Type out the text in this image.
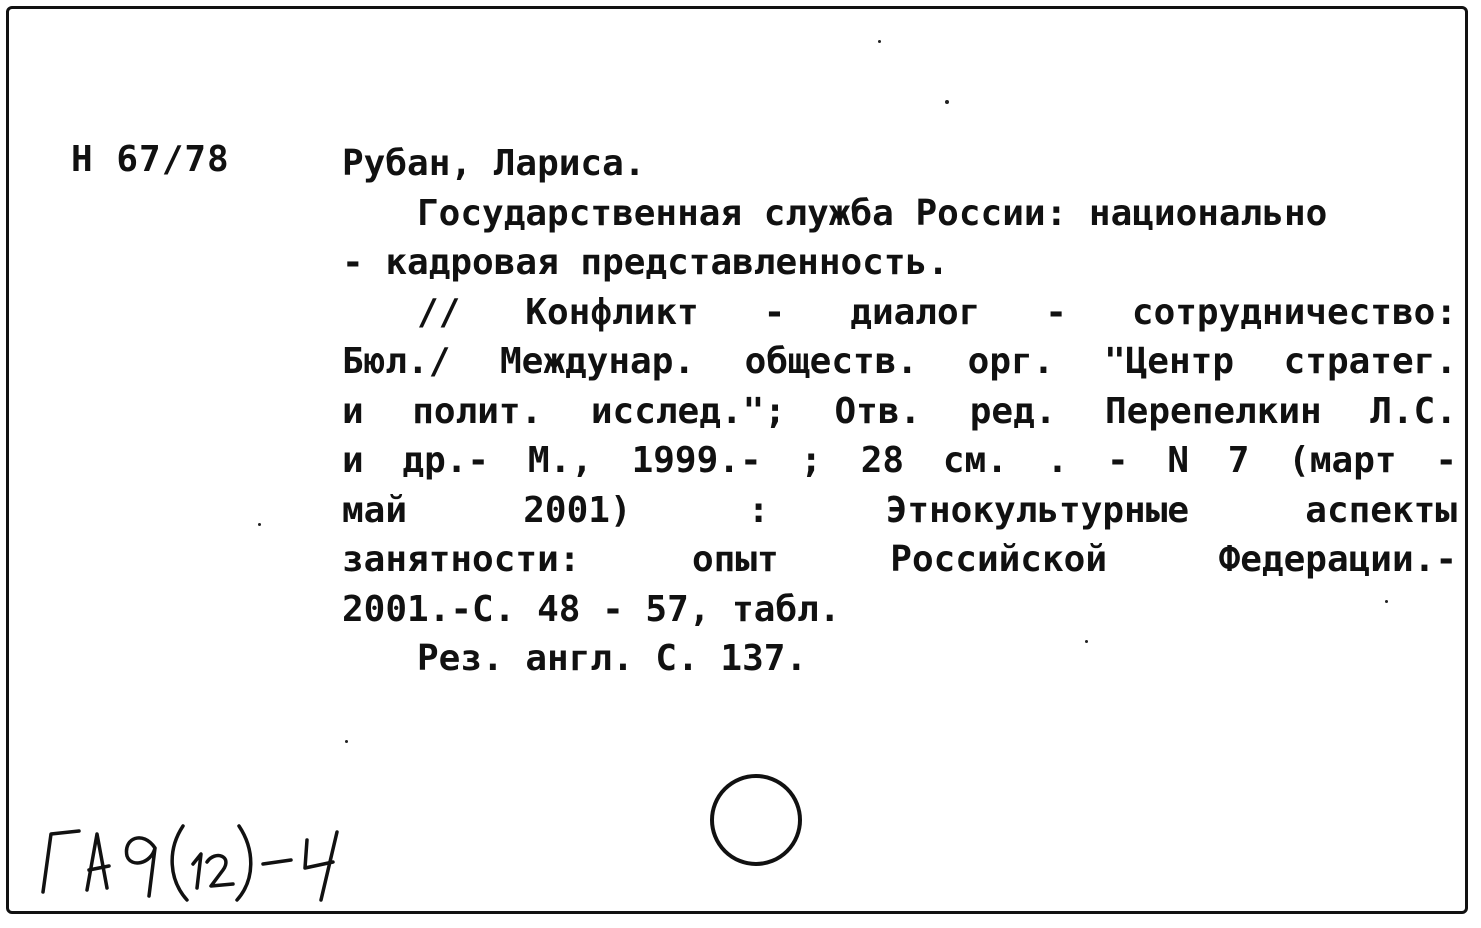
Н 67/78	Рубан, Лариса.
Государственная служба России: национально
- кадровая представленность.
// Конфликт - диалог - сотрудничество:
Бюл./ Междунар. обществ. орг. "Центр стратег.
и полит. исслед."; Отв. ред. Перепелкин Л.С.
и др.- М., 1999.- ; 28 см. . - N 7 (март -
май 2001) : Этнокультурные аспекты
занятности: опыт Российской Федерации.-
2001.-С. 48 - 57, табл.
Рез. англ. С. 137.
